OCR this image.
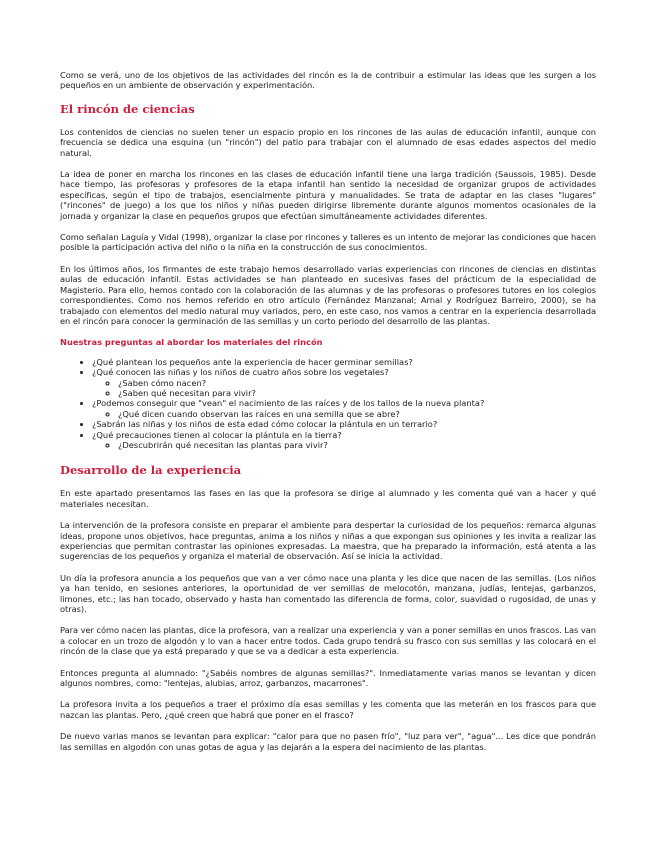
Como se verá, uno de los objetivos de las actividades del rincón es la de contribuir a estimular las ideas que les surgen a los pequeños en un ambiente de observación y experimentación.

El rincón de ciencias

Los contenidos de ciencias no suelen tener un espacio propio en los rincones de las aulas de educación infantil, aunque con frecuencia se dedica una esquina (un "rincón") del patio para trabajar con el alumnado de esas edades aspectos del medio natural.

La idea de poner en marcha los rincones en las clases de educación infantil tiene una larga tradición (Saussois, 1985). Desde hace tiempo, las profesoras y profesores de la etapa infantil han sentido la necesidad de organizar grupos de actividades específicas, según el tipo de trabajos, esencialmente pintura y manualidades. Se trata de adaptar en las clases "lugares" ("rincones" de juego) a los que los niños y niñas pueden dirigirse libremente durante algunos momentos ocasionales de la jornada y organizar la clase en pequeños grupos que efectúan simultáneamente actividades diferentes.

Como señalan Laguía y Vidal (1998), organizar la clase por rincones y talleres es un intento de mejorar las condiciones que hacen posible la participación activa del niño o la niña en la construcción de sus conocimientos.

En los últimos años, los firmantes de este trabajo hemos desarrollado varias experiencias con rincones de ciencias en distintas aulas de educación infantil. Estas actividades se han planteado en sucesivas fases del prácticum de la especialidad de Magisterio. Para ello, hemos contado con la colaboración de las alumnas y de las profesoras o profesores tutores en los colegios correspondientes. Como nos hemos referido en otro artículo (Fernández Manzanal; Arnal y Rodríguez Barreiro, 2000), se ha trabajado con elementos del medio natural muy variados, pero, en este caso, nos vamos a centrar en la experiencia desarrollada en el rincón para conocer la germinación de las semillas y un corto periodo del desarrollo de las plantas.

Nuestras preguntas al abordar los materiales del rincón
• ¿Qué plantean los pequeños ante la experiencia de hacer germinar semillas?
• ¿Qué conocen las niñas y los niños de cuatro años sobre los vegetales?
◦ ¿Saben cómo nacen?
◦ ¿Saben qué necesitan para vivir?
• ¿Podemos conseguir que "vean" el nacimiento de las raíces y de los tallos de la nueva planta?
◦ ¿Qué dicen cuando observan las raíces en una semilla que se abre?
• ¿Sabrán las niñas y los niños de esta edad cómo colocar la plántula en un terrario?
• ¿Qué precauciones tienen al colocar la plántula en la tierra?
◦ ¿Descubrirán qué necesitan las plantas para vivir?
Desarrollo de la experiencia

En este apartado presentamos las fases en las que la profesora se dirige al alumnado y les comenta qué van a hacer y qué materiales necesitan.

La intervención de la profesora consiste en preparar el ambiente para despertar la curiosidad de los pequeños: remarca algunas ideas, propone unos objetivos, hace preguntas, anima a los niños y niñas a que expongan sus opiniones y les invita a realizar las experiencias que permitan contrastar las opiniones expresadas. La maestra, que ha preparado la información, está atenta a las sugerencias de los pequeños y organiza el material de observación. Así se inicia la actividad.

Un día la profesora anuncia a los pequeños que van a ver cómo nace una planta y les dice que nacen de las semillas. (Los niños ya han tenido, en sesiones anteriores, la oportunidad de ver semillas de melocotón, manzana, judías, lentejas, garbanzos, limones, etc.; las han tocado, observado y hasta han comentado las diferencia de forma, color, suavidad o rugosidad, de unas y otras).

Para ver cómo nacen las plantas, dice la profesora, van a realizar una experiencia y van a poner semillas en unos frascos. Las van a colocar en un trozo de algodón y lo van a hacer entre todos. Cada grupo tendrá su frasco con sus semillas y las colocará en el rincón de la clase que ya está preparado y que se va a dedicar a esta experiencia.

Entonces pregunta al alumnado: "¿Sabéis nombres de algunas semillas?". Inmediatamente varias manos se levantan y dicen algunos nombres, como: "lentejas, alubias, arroz, garbanzos, macarrones".

La profesora invita a los pequeños a traer el próximo día esas semillas y les comenta que las meterán en los frascos para que nazcan las plantas. Pero, ¿qué creen que habrá que poner en el frasco?

De nuevo varias manos se levantan para explicar: "calor para que no pasen frío", "luz para ver", "agua"... Les dice que pondrán las semillas en algodón con unas gotas de agua y las dejarán a la espera del nacimiento de las plantas.
